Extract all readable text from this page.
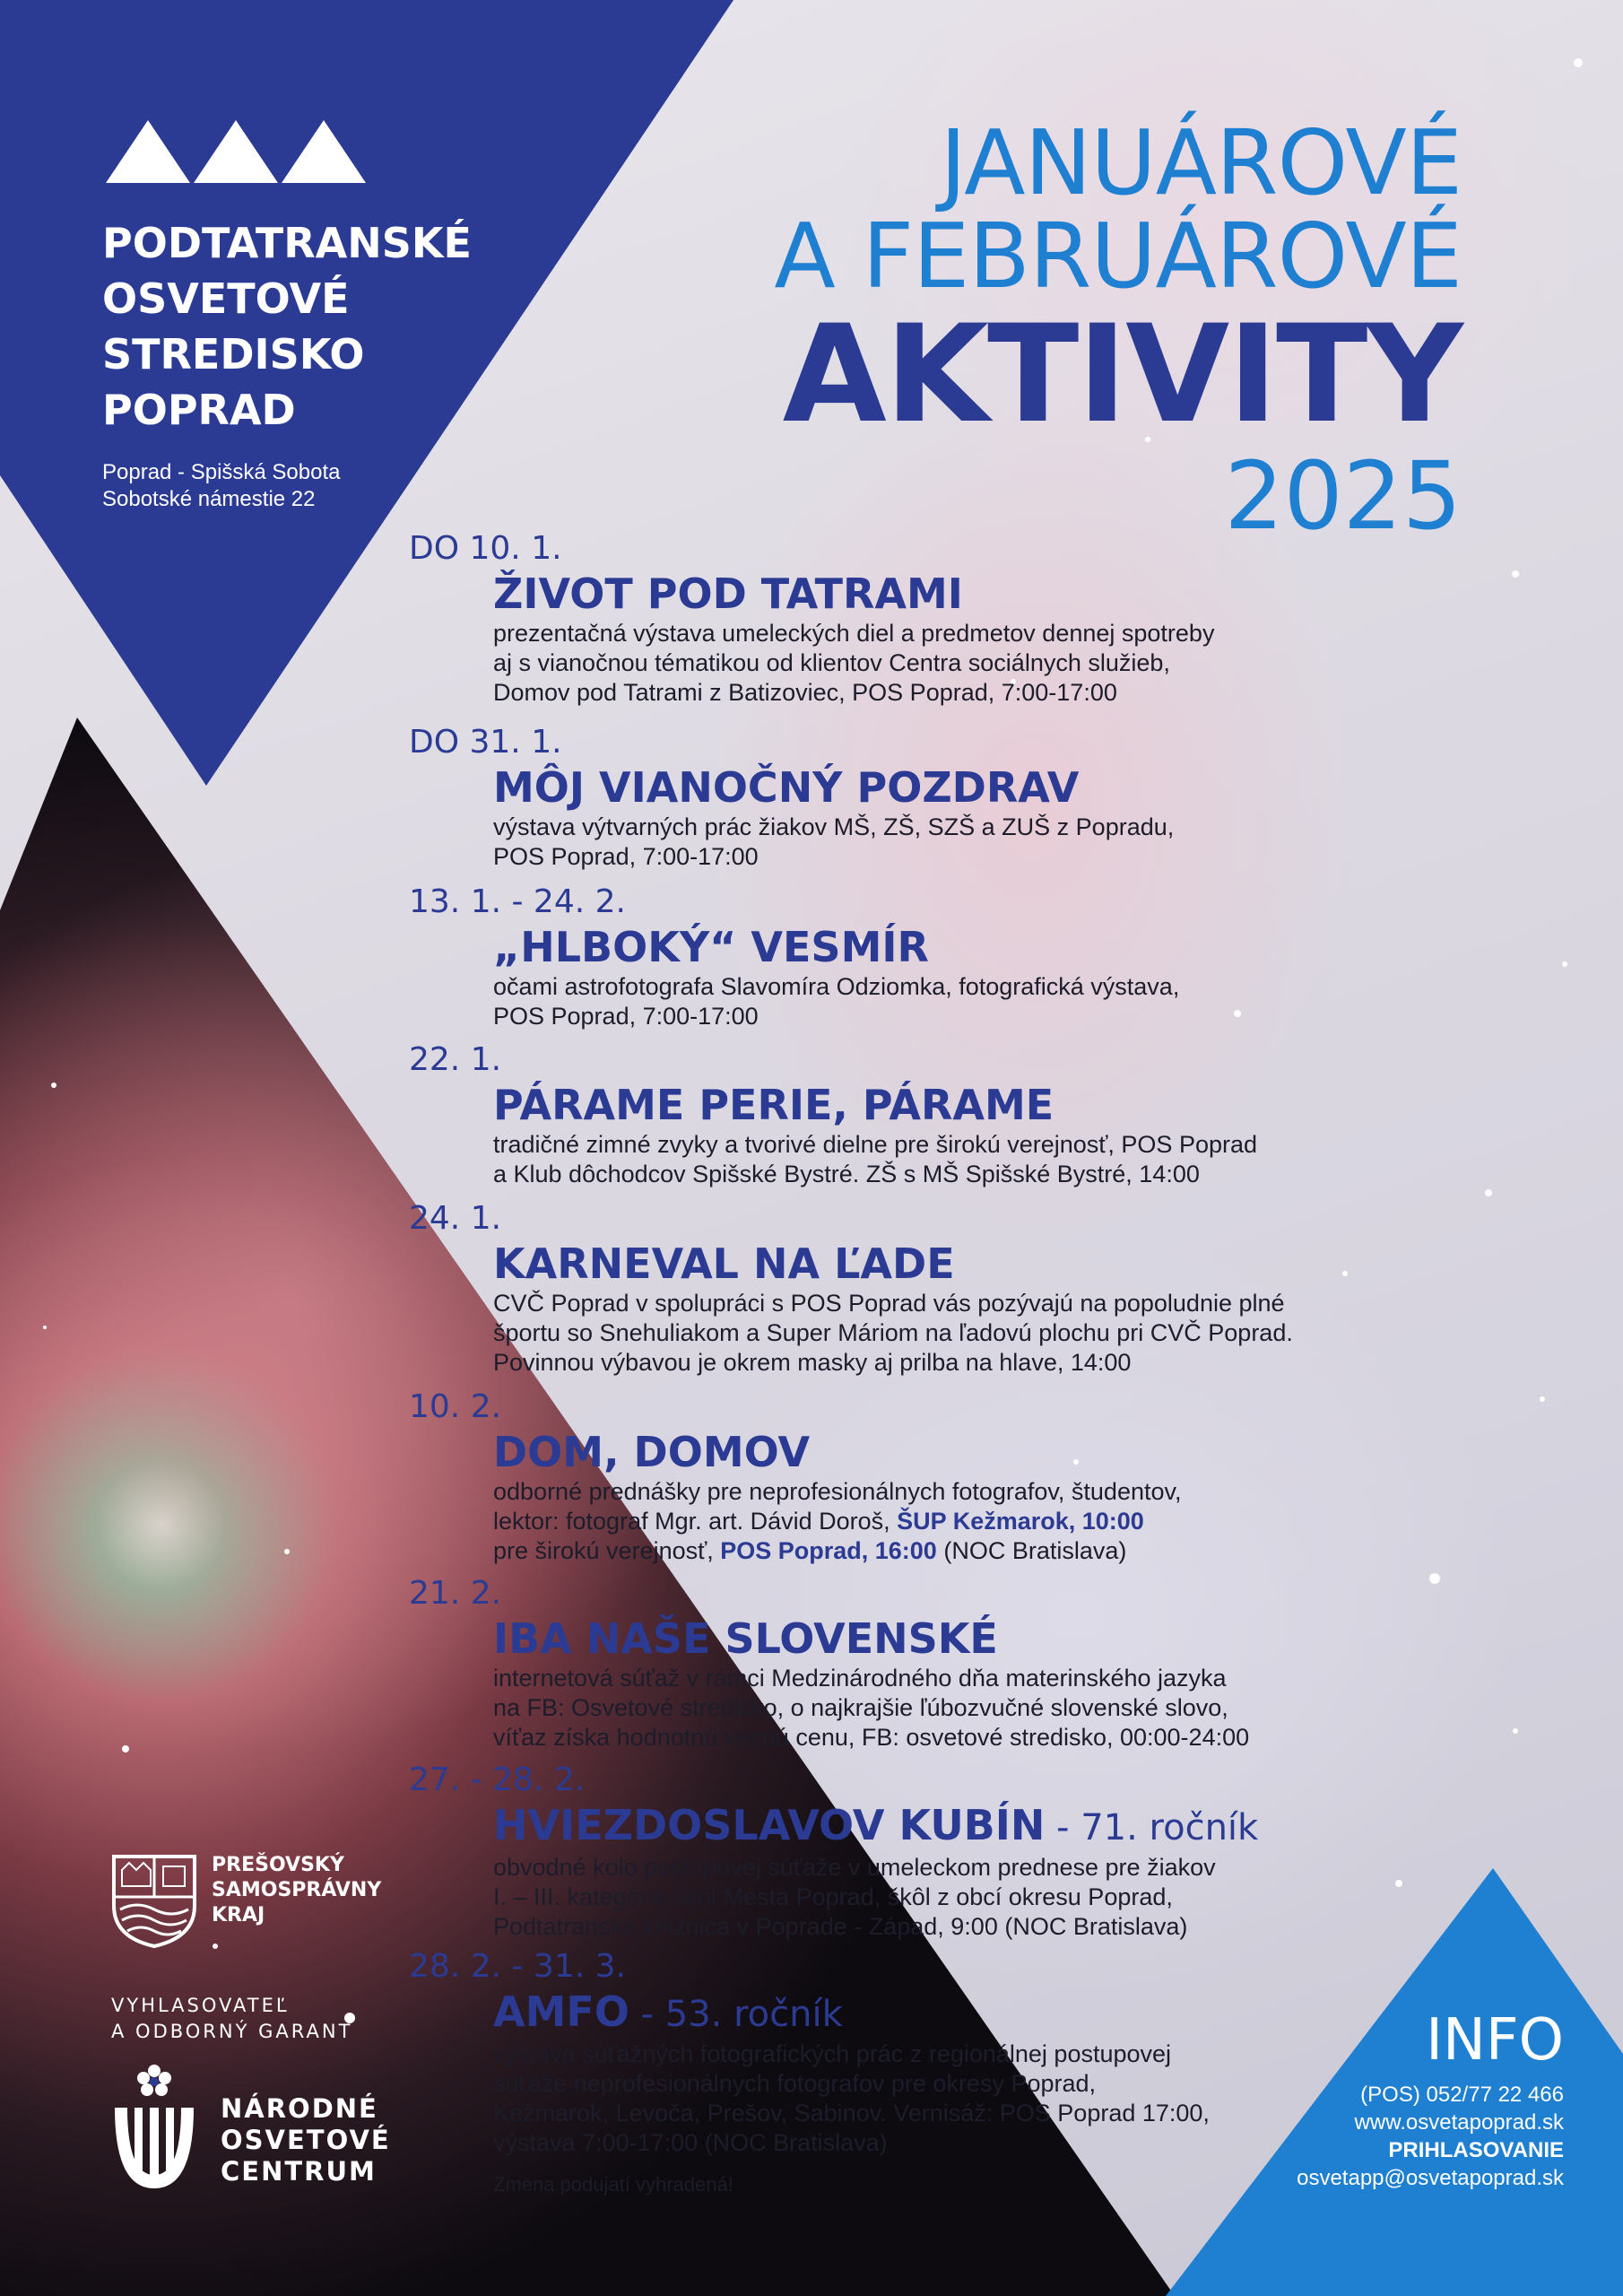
PODTATRANSKÉ
OSVETOVÉ
STREDISKO
POPRAD
Poprad - Spišská Sobota
Sobotské námestie 22
JANUÁROVÉ
A FEBRUÁROVÉ
AKTIVITY
2025
DO 10. 1.
ŽIVOT POD TATRAMI
prezentačná výstava umeleckých diel a predmetov dennej spotreby
aj s vianočnou tématikou od klientov Centra sociálnych služieb,
Domov pod Tatrami z Batizoviec, POS Poprad, 7:00-17:00
DO 31. 1.
MÔJ VIANOČNÝ POZDRAV
výstava výtvarných prác žiakov MŠ, ZŠ, SZŠ a ZUŠ z Popradu,
POS Poprad, 7:00-17:00
13. 1. - 24. 2.
„HLBOKÝ“ VESMÍR
očami astrofotografa Slavomíra Odziomka, fotografická výstava,
POS Poprad, 7:00-17:00
22. 1.
PÁRAME PERIE, PÁRAME
tradičné zimné zvyky a tvorivé dielne pre širokú verejnosť, POS Poprad
a Klub dôchodcov Spišské Bystré. ZŠ s MŠ Spišské Bystré, 14:00
24. 1.
KARNEVAL NA ĽADE
CVČ Poprad v spolupráci s POS Poprad vás pozývajú na popoludnie plné
športu so Snehuliakom a Super Máriom na ľadovú plochu pri CVČ Poprad.
Povinnou výbavou je okrem masky aj prilba na hlave, 14:00
10. 2.
DOM, DOMOV
odborné prednášky pre neprofesionálnych fotografov, študentov,
lektor: fotograf Mgr. art. Dávid Doroš, ŠUP Kežmarok, 10:00
pre širokú verejnosť, POS Poprad, 16:00 (NOC Bratislava)
21. 2.
IBA NAŠE SLOVENSKÉ
internetová súťaž v rámci Medzinárodného dňa materinského jazyka
na FB: Osvetové stredisko, o najkrajšie ľúbozvučné slovenské slovo,
víťaz získa hodnotnú vecnú cenu, FB: osvetové stredisko, 00:00-24:00
27. - 28. 2.
HVIEZDOSLAVOV KUBÍN - 71. ročník
obvodné kolo postupovej súťaže v umeleckom prednese pre žiakov
I. – III. kategórie škôl Mesta Poprad, škôl z obcí okresu Poprad,
Podtatranská knižnica v Poprade - Západ, 9:00 (NOC Bratislava)
28. 2. - 31. 3.
AMFO - 53. ročník
výstava súťažných fotografických prác z regionálnej postupovej
súťaže neprofesionálnych fotografov pre okresy Poprad,
Kežmarok, Levoča, Prešov, Sabinov. Vernisáž: POS Poprad 17:00,
výstava 7:00-17:00 (NOC Bratislava)
Zmena podujatí vyhradená!
INFO
(POS) 052/77 22 466
www.osvetapoprad.sk
PRIHLASOVANIE
osvetapp@osvetapoprad.sk
PREŠOVSKÝ
SAMOSPRÁVNY
KRAJ
VYHLASOVATEĽ
A ODBORNÝ GARANT
NÁRODNÉ
OSVETOVÉ
CENTRUM
